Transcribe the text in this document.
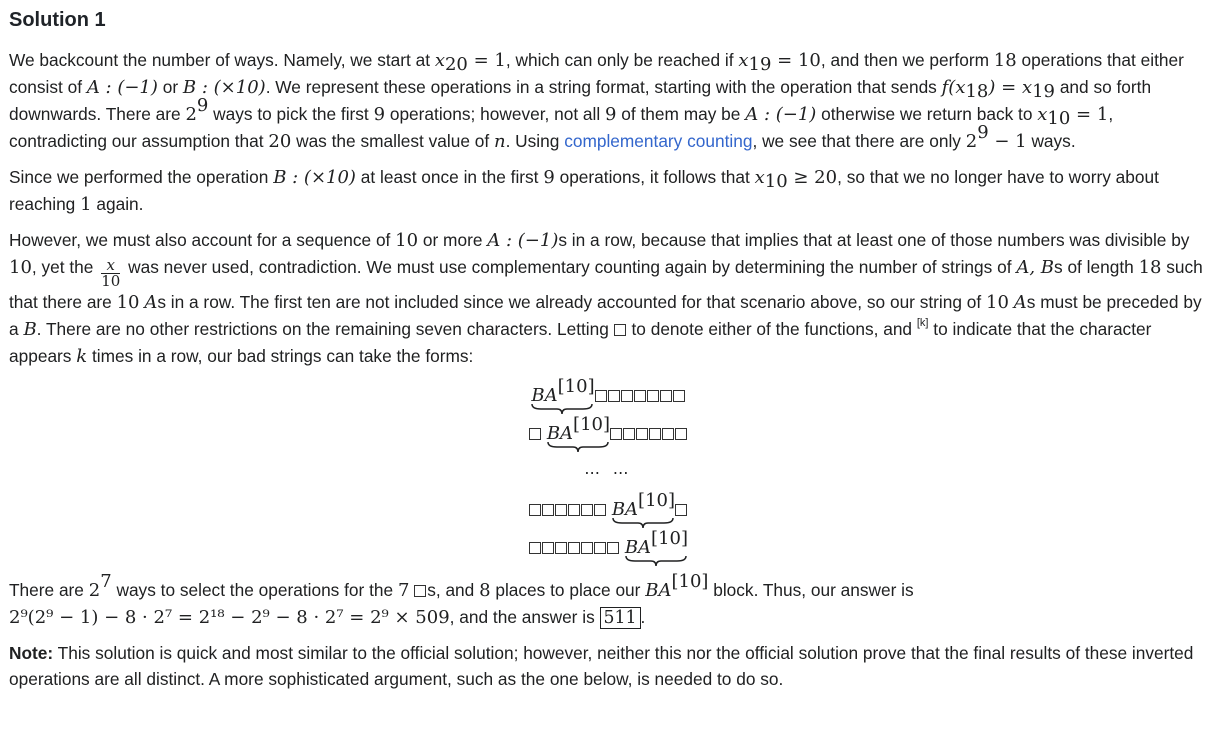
Solution 1

We backcount the number of ways. Namely, we start at $x_{20} = 1$, which can only be reached if $x_{19} = 10$, and then we perform 18 operations that either consist of A : (−1) or B : (×10). We represent these operations in a string format, starting with the operation that sends $f(x_{18}) = x_{19}$ and so forth downwards. There are $2^9$ ways to pick the first 9 operations; however, not all 9 of them may be A : (−1) otherwise we return back to $x_{10} = 1$, contradicting our assumption that 20 was the smallest value of n. Using complementary counting, we see that there are only $2^9 - 1$ ways.

Since we performed the operation B : (×10) at least once in the first 9 operations, it follows that $x_{10} \ge 20$, so that we no longer have to worry about reaching 1 again.

However, we must also account for a sequence of 10 or more A : (−1)s in a row, because that implies that at least one of those numbers was divisible by 10, yet the $\frac{x}{10}$ was never used, contradiction. We must use complementary counting again by determining the number of strings of A, Bs of length 18 such that there are 10 As in a row. The first ten are not included since we already accounted for that scenario above, so our string of 10 As must be preceded by a B. There are no other restrictions on the remaining seven characters. Letting to denote either of the functions, and [k] to indicate that the character appears k times in a row, our bad strings can take the forms:

BA[10]
BA[10]
⋯ ⋯
BA[10]
BA[10]

There are $2^7$ ways to select the operations for the 7 s, and 8 places to place our BA[10] block. Thus, our answer is
2⁹(2⁹ − 1) − 8 · 2⁷ = 2¹⁸ − 2⁹ − 8 · 2⁷ = 2⁹ × 509, and the answer is 511 .

Note: This solution is quick and most similar to the official solution; however, neither this nor the official solution prove that the final results of these inverted operations are all distinct. A more sophisticated argument, such as the one below, is needed to do so.
